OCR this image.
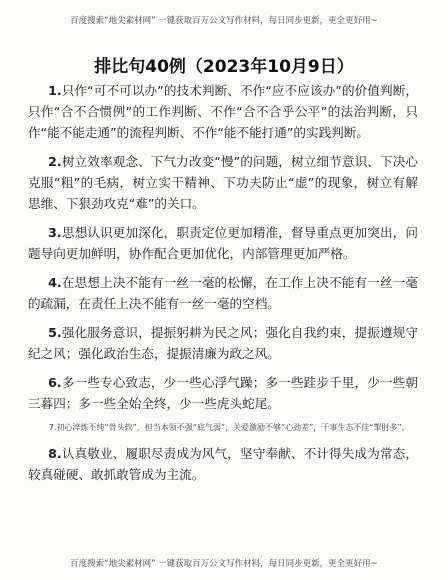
百度搜索“地尖素材网” 一键获取百万公文写作材料，每日同步更新，更全更好用~
排比句40例（2023年10月9日）

1.只作“可不可以办”的技术判断、不作“应不应该办”的价值判断，只作“合不合惯例”的工作判断、不作“合不合乎公平”的法治判断，只作“能不能走通”的流程判断、不作“能不能打通”的实践判断。

2.树立效率观念、下气力改变“慢”的问题，树立细节意识、下决心克服“粗”的毛病，树立实干精神、下功夫防止“虚”的现象，树立有解思维、下狠劲攻克“难”的关口。

3.思想认识更加深化，职责定位更加精准，督导重点更加突出，问题导向更加鲜明，协作配合更加优化，内部管理更加严格。

4.在思想上决不能有一丝一毫的松懈，在工作上决不能有一丝一毫的疏漏，在责任上决不能有一丝一毫的空档。

5.强化服务意识，提振躬耕为民之风；强化自我约束，提振遵规守纪之风；强化政治生态，提振清廉为政之风。

6.多一些专心致志，少一些心浮气躁；多一些跬步千里，少一些朝三暮四；多一些全始全终，少一些虎头蛇尾。

7.初心淬炼不纯“骨头软”，担当本领不强“底气弱”，关爱激励不够“心劲差”，干事生态不佳“掣肘多”。

8.认真敬业、履职尽责成为风气，坚守奉献、不计得失成为常态，较真碰硬、敢抓敢管成为主流。

百度搜索“地尖素材网” 一键获取百万公文写作材料，每日同步更新，更全更好用~
